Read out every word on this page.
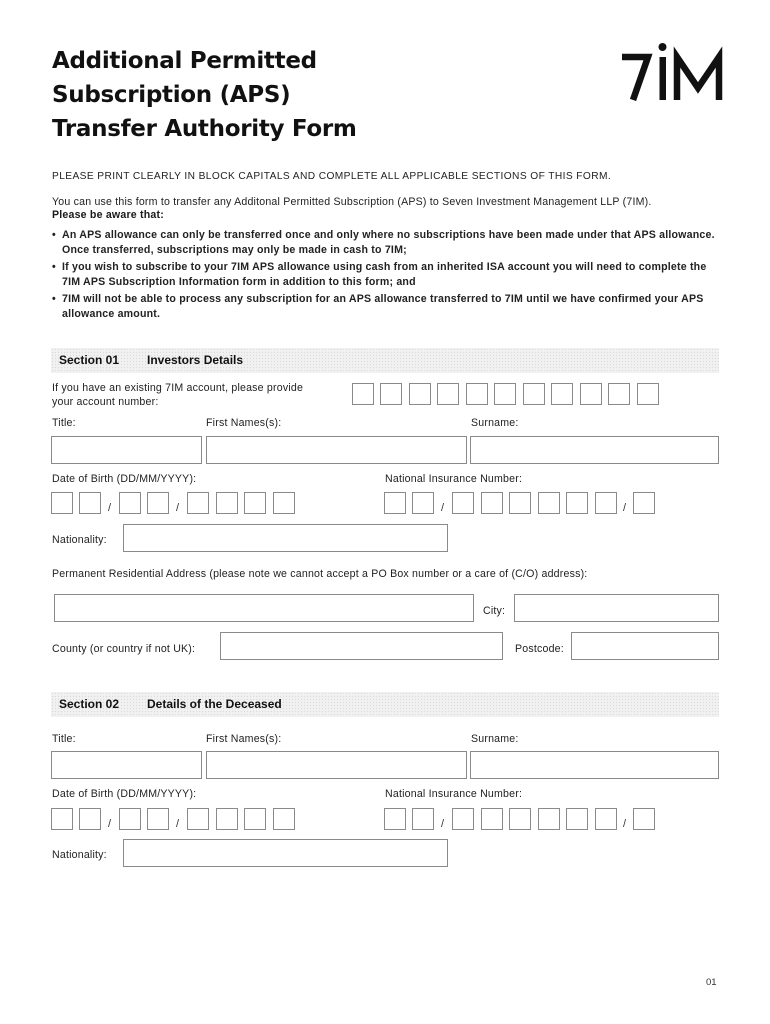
Additional Permitted
Subscription (APS)
Transfer Authority Form
PLEASE PRINT CLEARLY IN BLOCK CAPITALS AND COMPLETE ALL APPLICABLE SECTIONS OF THIS FORM.
You can use this form to transfer any Additonal Permitted Subscription (APS) to Seven Investment Management LLP (7IM).
Please be aware that:
• An APS allowance can only be transferred once and only where no subscriptions have been made under that APS allowance. Once transferred, subscriptions may only be made in cash to 7IM;
• If you wish to subscribe to your 7IM APS allowance using cash from an inherited ISA account you will need to complete the 7IM APS Subscription Information form in addition to this form; and
• 7IM will not be able to process any subscription for an APS allowance transferred to 7IM until we have confirmed your APS allowance amount.
Section 01 Investors Details
If you have an existing 7IM account, please provide
your account number:
Title:	First Names(s):	Surname:
Date of Birth (DD/MM/YYYY):	National Insurance Number:
/	/	/	/
Nationality:
Permanent Residential Address (please note we cannot accept a PO Box number or a care of (C/O) address):
City:
County (or country if not UK):	Postcode:
Section 02 Details of the Deceased
Title:	First Names(s):	Surname:
Date of Birth (DD/MM/YYYY):	National Insurance Number:
/	/	/	/
Nationality:
01
